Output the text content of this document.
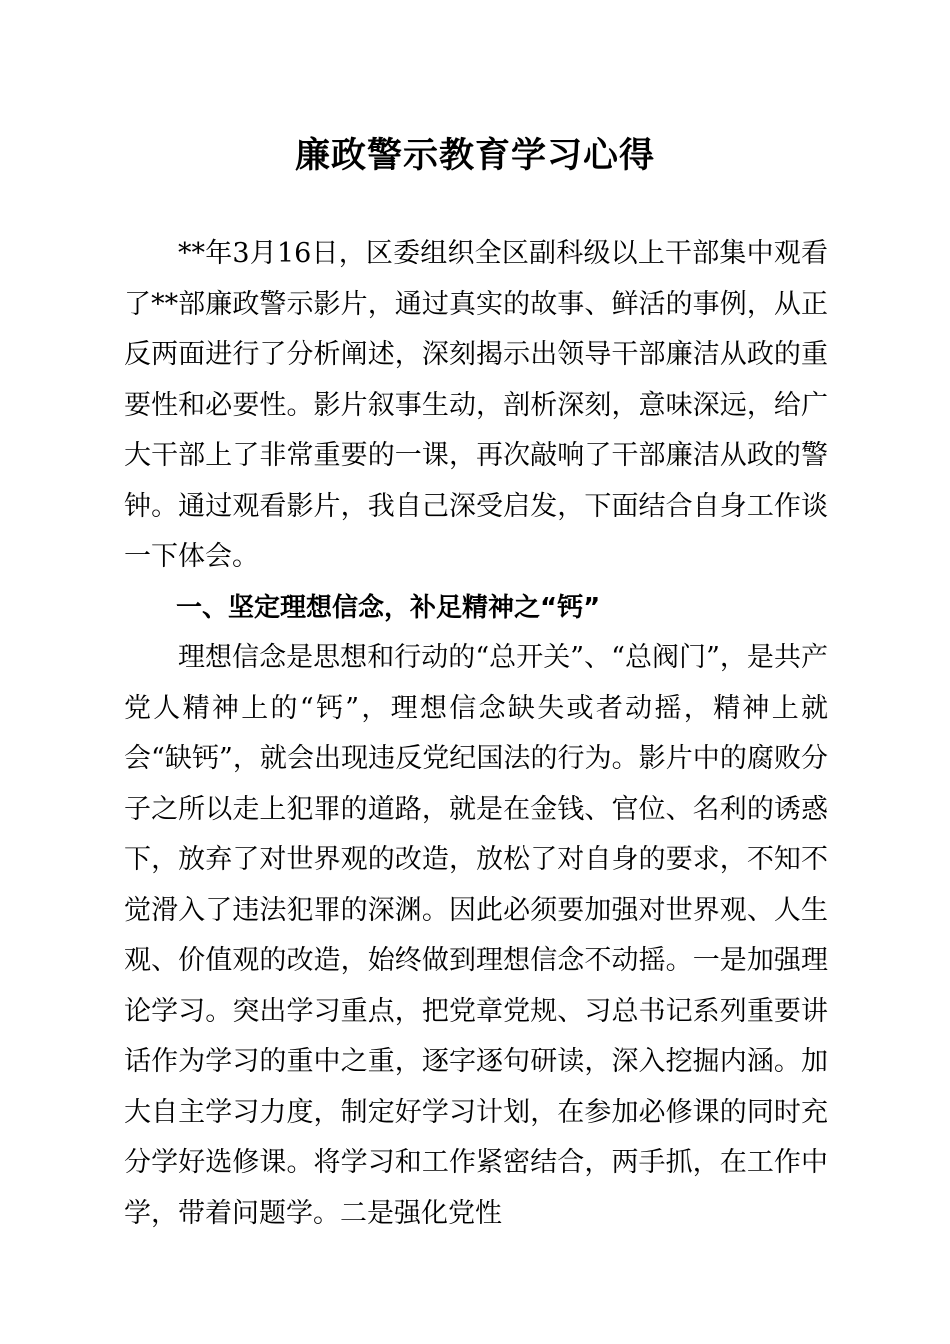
廉政警示教育学习心得

**年3月16日，区委组织全区副科级以上干部集中观看了**部廉政警示影片，通过真实的故事、鲜活的事例，从正反两面进行了分析阐述，深刻揭示出领导干部廉洁从政的重要性和必要性。影片叙事生动，剖析深刻，意味深远，给广大干部上了非常重要的一课，再次敲响了干部廉洁从政的警钟。通过观看影片，我自己深受启发，下面结合自身工作谈一下体会。

一、坚定理想信念，补足精神之“钙”

理想信念是思想和行动的“总开关”、“总阀门”，是共产党人精神上的“钙”，理想信念缺失或者动摇，精神上就会“缺钙”，就会出现违反党纪国法的行为。影片中的腐败分子之所以走上犯罪的道路，就是在金钱、官位、名利的诱惑下，放弃了对世界观的改造，放松了对自身的要求，不知不觉滑入了违法犯罪的深渊。因此必须要加强对世界观、人生观、价值观的改造，始终做到理想信念不动摇。一是加强理论学习。突出学习重点，把党章党规、习总书记系列重要讲话作为学习的重中之重，逐字逐句研读，深入挖掘内涵。加大自主学习力度，制定好学习计划，在参加必修课的同时充分学好选修课。将学习和工作紧密结合，两手抓，在工作中学，带着问题学。二是强化党性
